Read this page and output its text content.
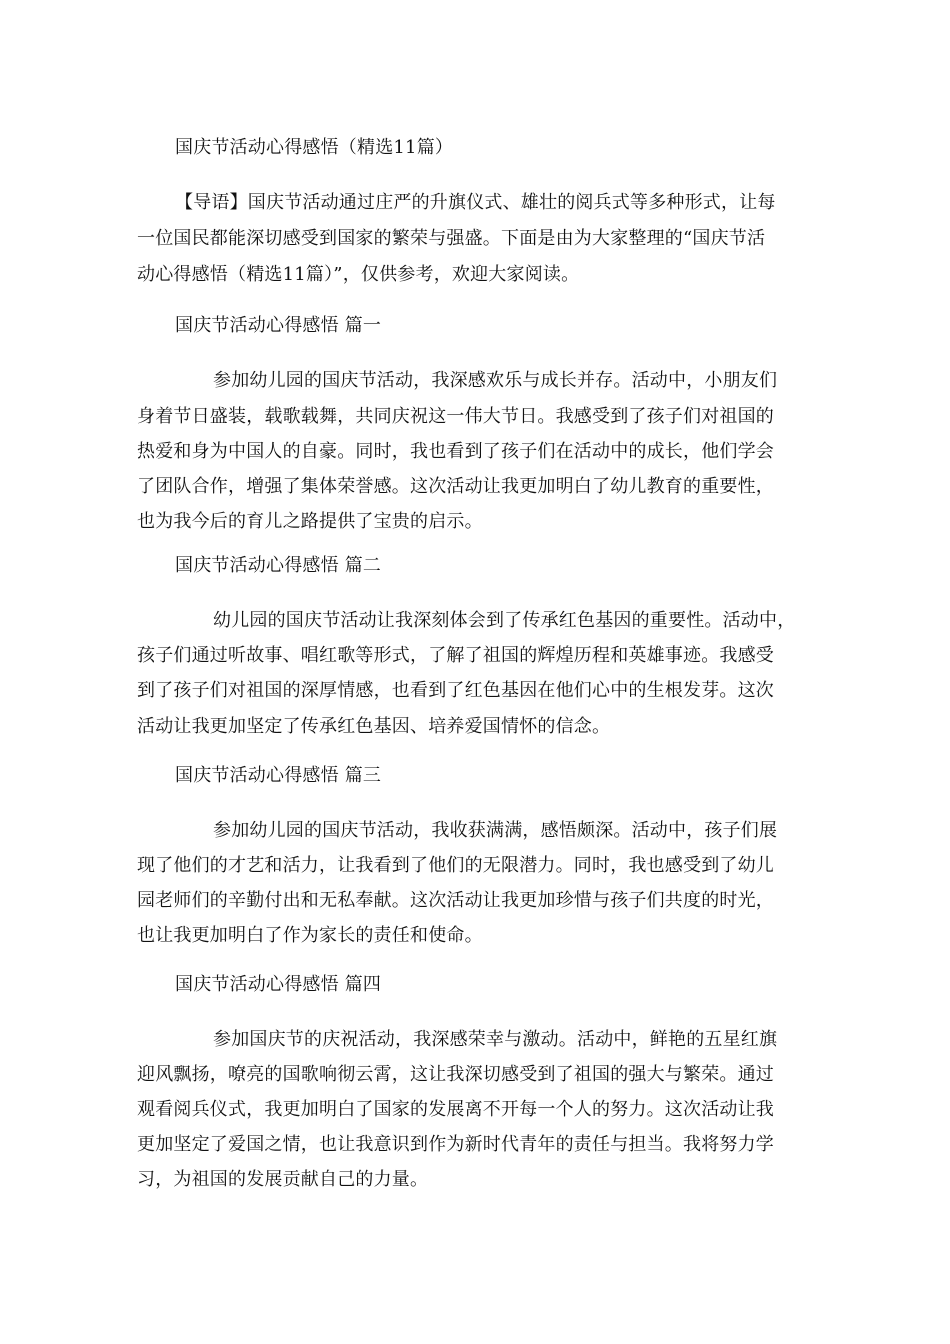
国庆节活动心得感悟（精选11篇）
【导语】国庆节活动通过庄严的升旗仪式、雄壮的阅兵式等多种形式，让每
一位国民都能深切感受到国家的繁荣与强盛。下面是由为大家整理的“国庆节活
动心得感悟（精选11篇）”，仅供参考，欢迎大家阅读。
国庆节活动心得感悟 篇一
参加幼儿园的国庆节活动，我深感欢乐与成长并存。活动中，小朋友们
身着节日盛装，载歌载舞，共同庆祝这一伟大节日。我感受到了孩子们对祖国的
热爱和身为中国人的自豪。同时，我也看到了孩子们在活动中的成长，他们学会
了团队合作，增强了集体荣誉感。这次活动让我更加明白了幼儿教育的重要性，
也为我今后的育儿之路提供了宝贵的启示。
国庆节活动心得感悟 篇二
幼儿园的国庆节活动让我深刻体会到了传承红色基因的重要性。活动中，
孩子们通过听故事、唱红歌等形式，了解了祖国的辉煌历程和英雄事迹。我感受
到了孩子们对祖国的深厚情感，也看到了红色基因在他们心中的生根发芽。这次
活动让我更加坚定了传承红色基因、培养爱国情怀的信念。
国庆节活动心得感悟 篇三
参加幼儿园的国庆节活动，我收获满满，感悟颇深。活动中，孩子们展
现了他们的才艺和活力，让我看到了他们的无限潜力。同时，我也感受到了幼儿
园老师们的辛勤付出和无私奉献。这次活动让我更加珍惜与孩子们共度的时光，
也让我更加明白了作为家长的责任和使命。
国庆节活动心得感悟 篇四
参加国庆节的庆祝活动，我深感荣幸与激动。活动中，鲜艳的五星红旗
迎风飘扬，嘹亮的国歌响彻云霄，这让我深切感受到了祖国的强大与繁荣。通过
观看阅兵仪式，我更加明白了国家的发展离不开每一个人的努力。这次活动让我
更加坚定了爱国之情，也让我意识到作为新时代青年的责任与担当。我将努力学
习，为祖国的发展贡献自己的力量。
